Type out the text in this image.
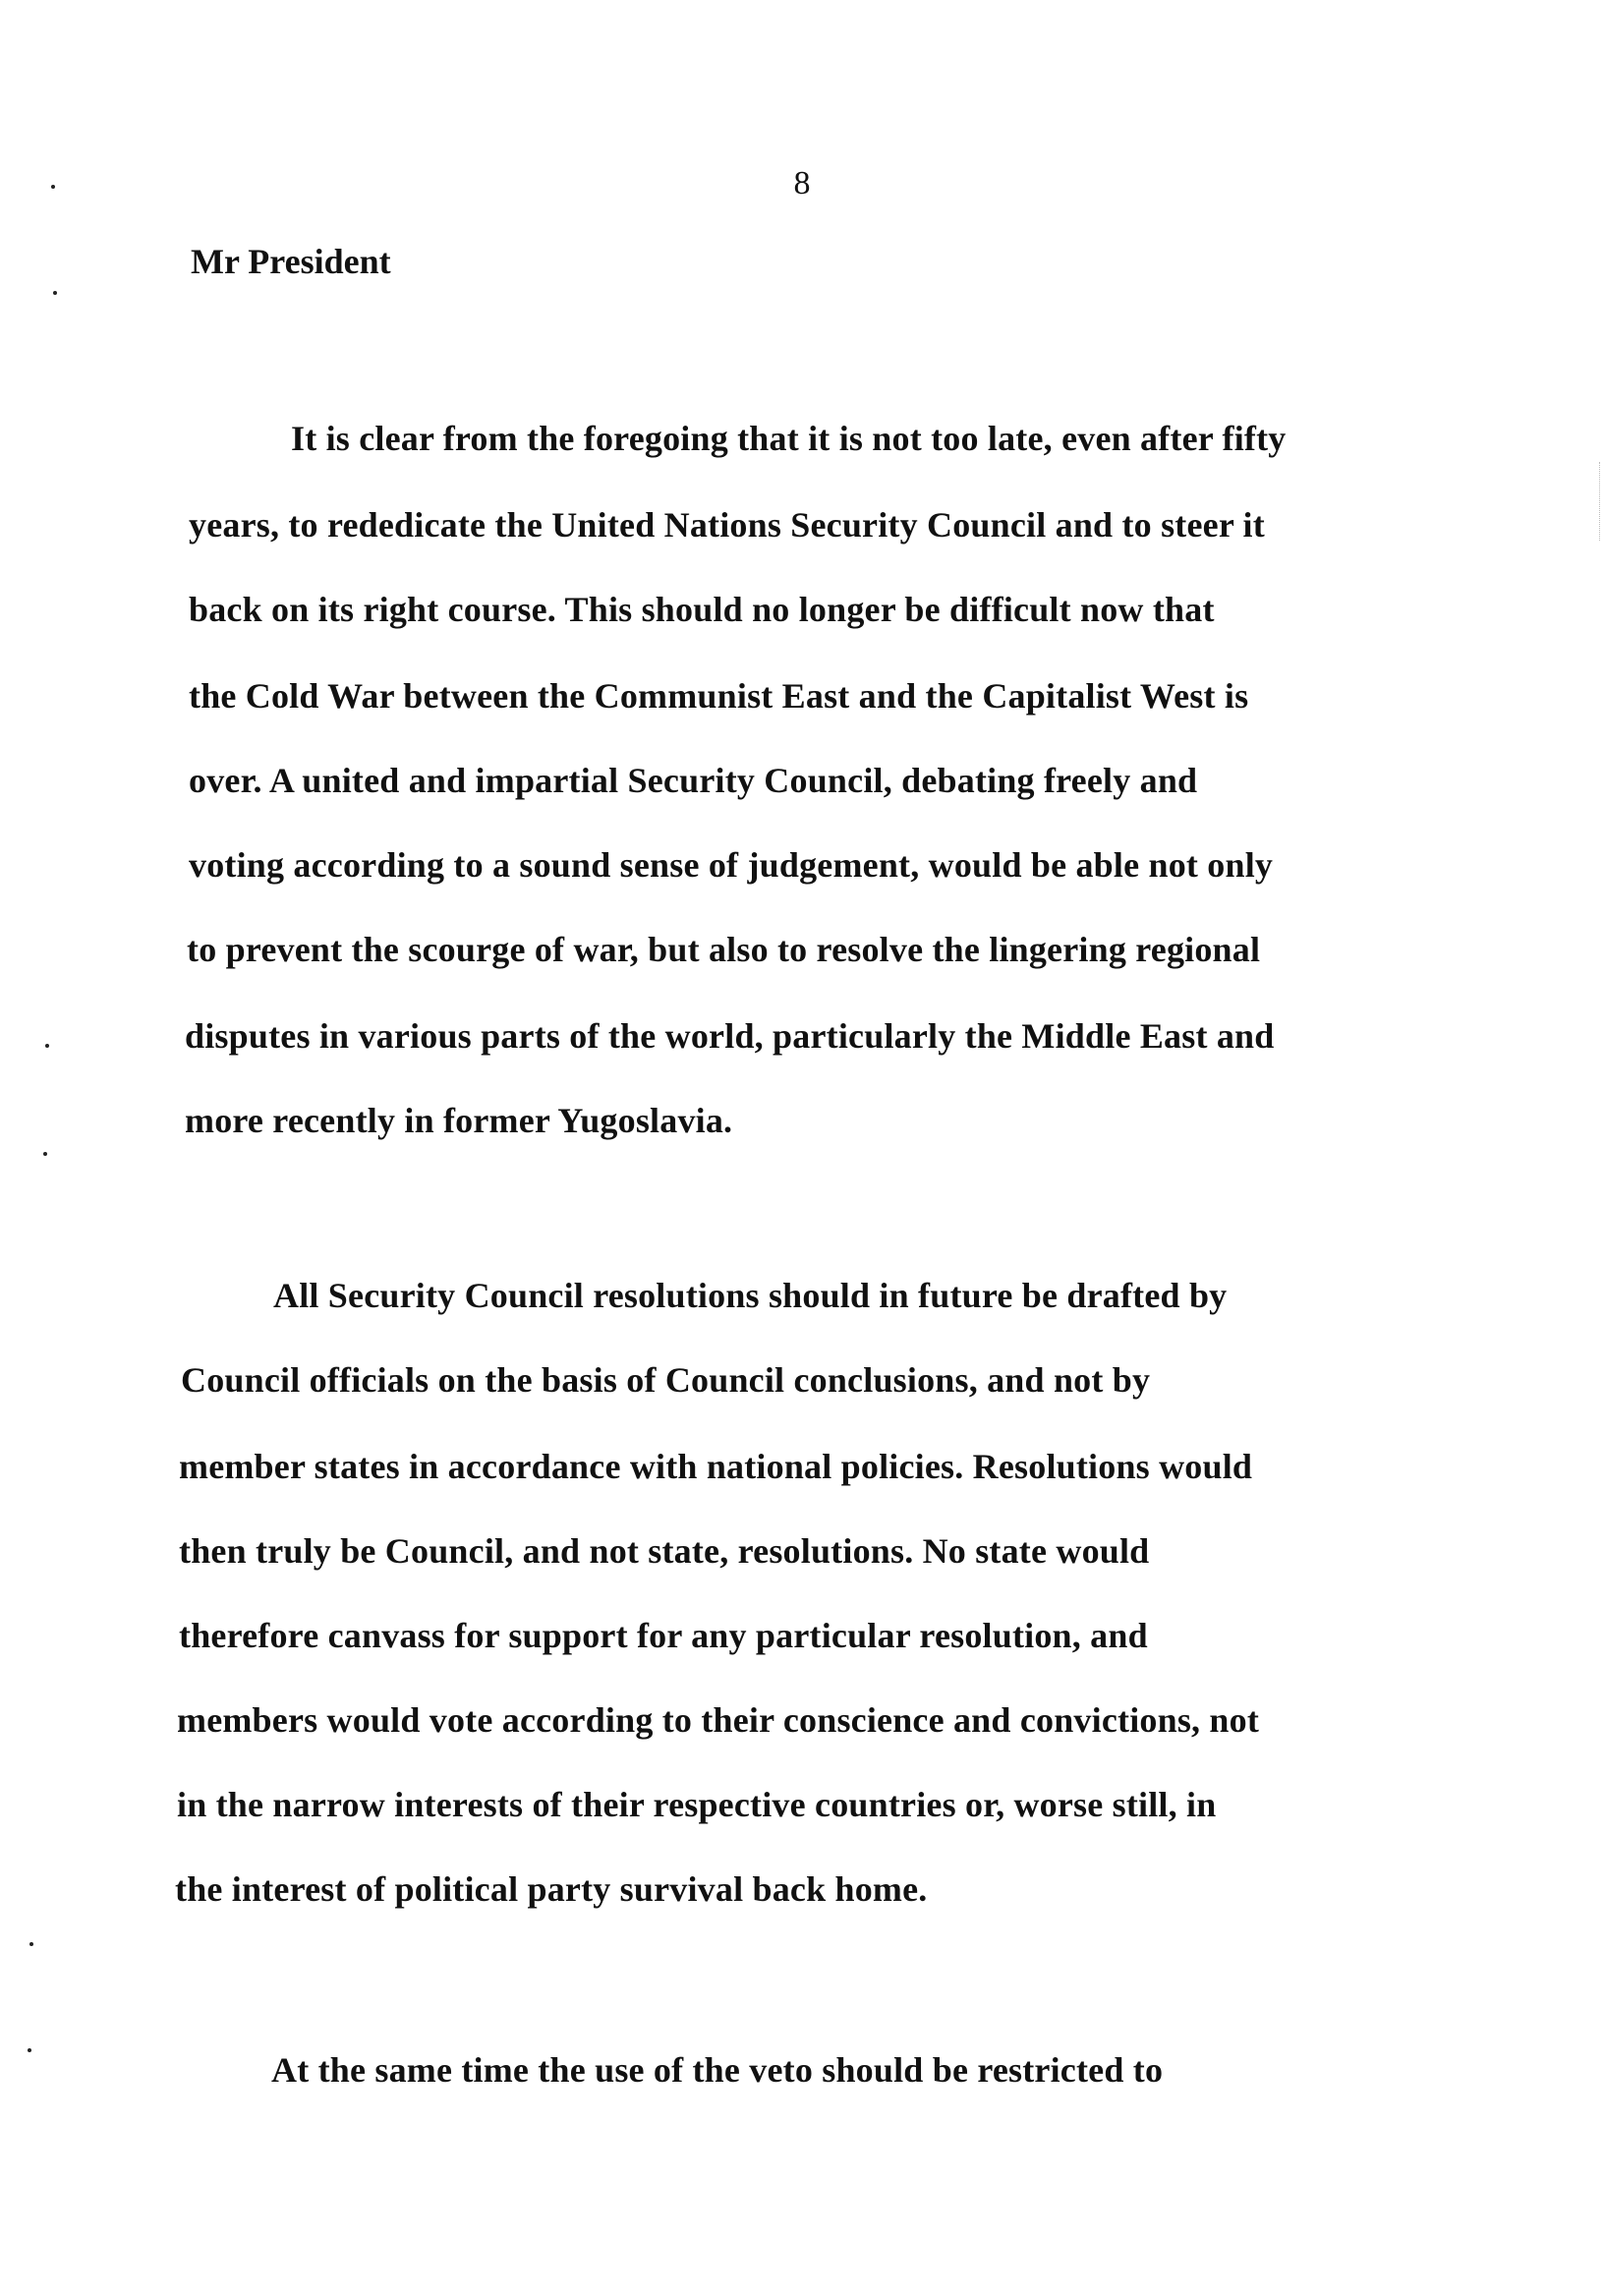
8
Mr President
It is clear from the foregoing that it is not too late, even after fifty
years, to rededicate the United Nations Security Council and to steer it
back on its right course. This should no longer be difficult now that
the Cold War between the Communist East and the Capitalist West is
over. A united and impartial Security Council, debating freely and
voting according to a sound sense of judgement, would be able not only
to prevent the scourge of war, but also to resolve the lingering regional
disputes in various parts of the world, particularly the Middle East and
more recently in former Yugoslavia.
All Security Council resolutions should in future be drafted by
Council officials on the basis of Council conclusions, and not by
member states in accordance with national policies. Resolutions would
then truly be Council, and not state, resolutions. No state would
therefore canvass for support for any particular resolution, and
members would vote according to their conscience and convictions, not
in the narrow interests of their respective countries or, worse still, in
the interest of political party survival back home.
At the same time the use of the veto should be restricted to
